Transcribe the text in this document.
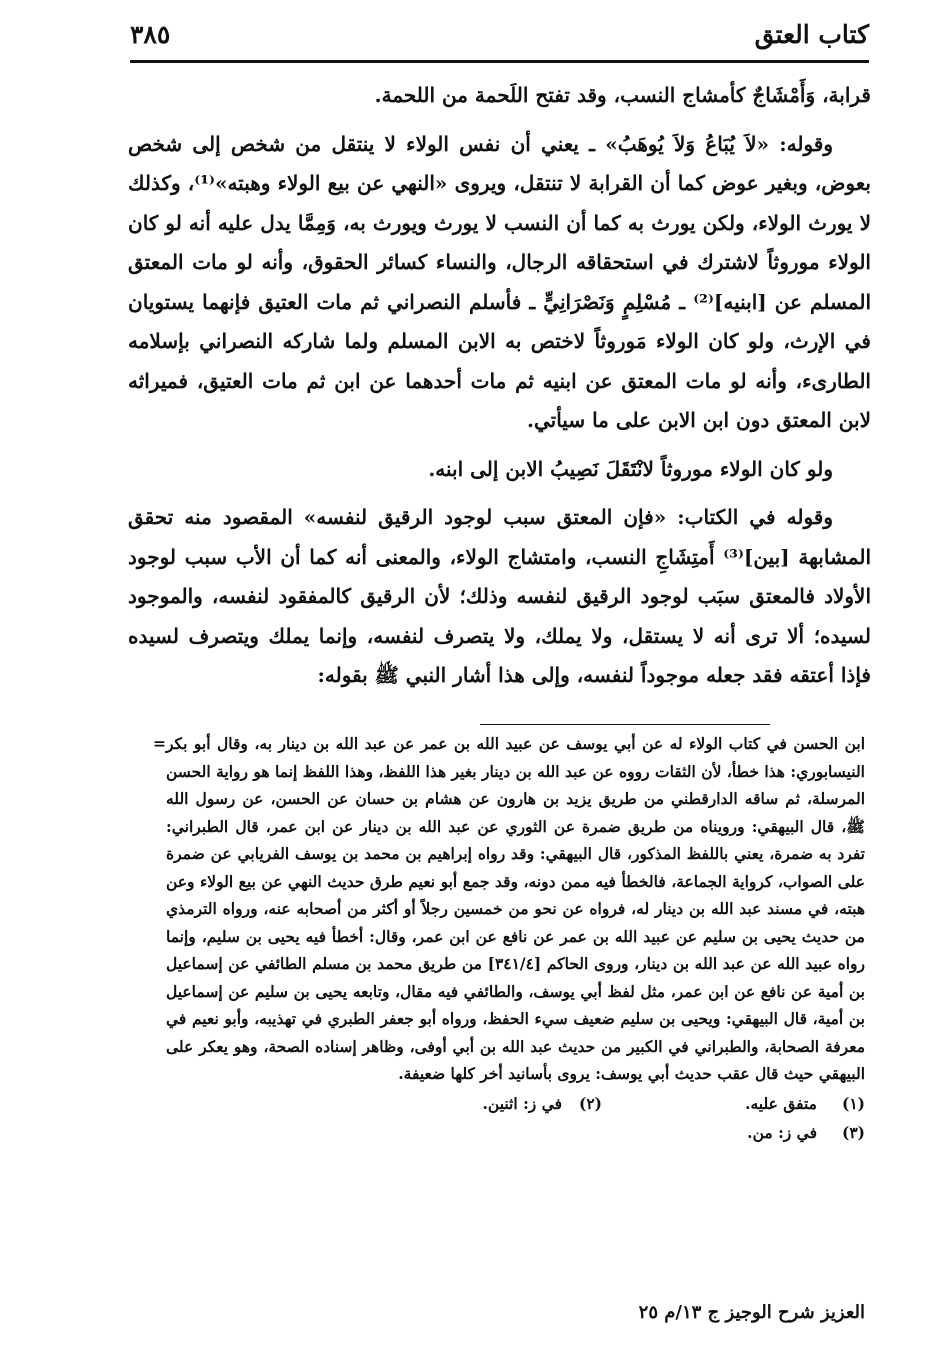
كتاب العتق
٣٨٥

قرابة، وَأَمْشَاجٌ كأمشاج النسب، وقد تفتح اللَحمة من اللحمة.

وقوله: «لاَ يُبَاعُ وَلاَ يُوهَبُ» ـ يعني أن نفس الولاء لا ينتقل من شخص إلى شخص بعوض، وبغير عوض كما أن القرابة لا تنتقل، ويروى «النهي عن بيع الولاء وهبته»⁽¹⁾، وكذلك لا يورث الولاء، ولكن يورث به كما أن النسب لا يورث ويورث به، وَمِمَّا يدل عليه أنه لو كان الولاء موروثاً لاشترك في استحقاقه الرجال، والنساء كسائر الحقوق، وأنه لو مات المعتق المسلم عن [ابنيه]⁽²⁾ ـ مُسْلِمٍ وَنَصْرَانِيٍّ ـ فأسلم النصراني ثم مات العتيق فإنهما يستويان في الإرث، ولو كان الولاء مَوروثاً لاختص به الابن المسلم ولما شاركه النصراني بإسلامه الطارىء، وأنه لو مات المعتق عن ابنيه ثم مات أحدهما عن ابن ثم مات العتيق، فميراثه لابن المعتق دون ابن الابن على ما سيأتي.

ولو كان الولاء موروثاً لانْتَقَلَ نَصِيبُ الابن إلى ابنه.

وقوله في الكتاب: «فإن المعتق سبب لوجود الرقيق لنفسه» المقصود منه تحقق المشابهة [بين]⁽³⁾ أَمتِشَاجِ النسب، وامتشاج الولاء، والمعنى أنه كما أن الأب سبب لوجود الأولاد فالمعتق سبَب لوجود الرقيق لنفسه وذلك؛ لأن الرقيق كالمفقود لنفسه، والموجود لسيده؛ ألا ترى أنه لا يستقل، ولا يملك، ولا يتصرف لنفسه، وإنما يملك ويتصرف لسيده فإذا أعتقه فقد جعله موجوداً لنفسه، وإلى هذا أشار النبي ﷺ بقوله:

ابن الحسن في كتاب الولاء له عن أبي يوسف عن عبيد الله بن عمر عن عبد الله بن دينار به، وقال أبو بكر النيسابوري: هذا خطأ، لأن الثقات رووه عن عبد الله بن دينار بغير هذا اللفظ، وهذا اللفظ إنما هو رواية الحسن المرسلة، ثم ساقه الدارقطني من طريق يزيد بن هارون عن هشام بن حسان عن الحسن، عن رسول الله ﷺ، قال البيهقي: ورويناه من طريق ضمرة عن الثوري عن عبد الله بن دينار عن ابن عمر، قال الطبراني: تفرد به ضمرة، يعني باللفظ المذكور، قال البيهقي: وقد رواه إبراهيم بن محمد بن يوسف الفريابي عن ضمرة على الصواب، كرواية الجماعة، فالخطأ فيه ممن دونه، وقد جمع أبو نعيم طرق حديث النهي عن بيع الولاء وعن هبته، في مسند عبد الله بن دينار له، فرواه عن نحو من خمسين رجلاً أو أكثر من أصحابه عنه، ورواه الترمذي من حديث يحيى بن سليم عن عبيد الله بن عمر عن نافع عن ابن عمر، وقال: أخطأ فيه يحيى بن سليم، وإنما رواه عبيد الله عن عبد الله بن دينار، وروى الحاكم [٣٤١/٤] من طريق محمد بن مسلم الطائفي عن إسماعيل بن أمية عن نافع عن ابن عمر، مثل لفظ أبي يوسف، والطائفي فيه مقال، وتابعه يحيى بن سليم عن إسماعيل بن أمية، قال البيهقي: ويحيى بن سليم ضعيف سيء الحفظ، ورواه أبو جعفر الطبري في تهذيبه، وأبو نعيم في معرفة الصحابة، والطبراني في الكبير من حديث عبد الله بن أبي أوفى، وظاهر إسناده الصحة، وهو يعكر على البيهقي حيث قال عقب حديث أبي يوسف: يروى بأسانيد أخر كلها ضعيفة.
=
(١)
متفق عليه.
(٢)
في ز: اثنين.
(٣)
في ز: من.
العزيز شرح الوجيز ج ١٣/م ٢٥
